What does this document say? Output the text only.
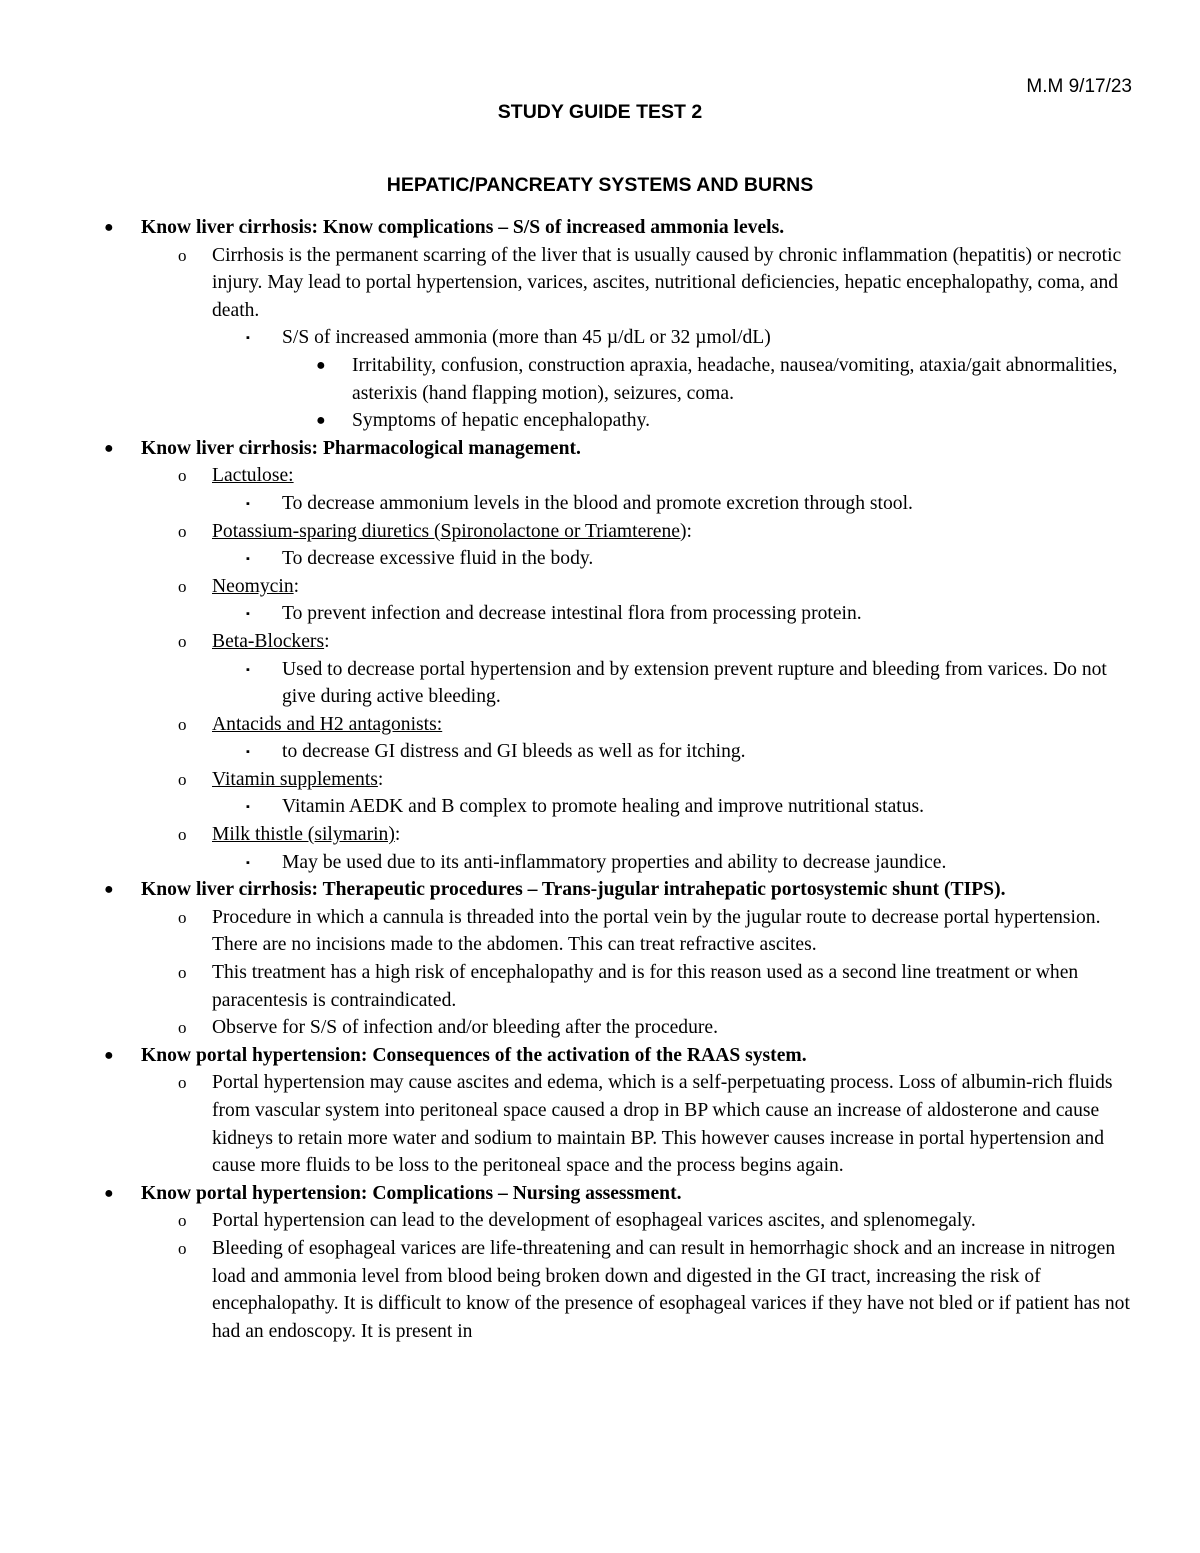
M.M 9/17/23
STUDY GUIDE TEST 2
HEPATIC/PANCREATY SYSTEMS AND BURNS
● Know liver cirrhosis: Know complications – S/S of increased ammonia levels.
o Cirrhosis is the permanent scarring of the liver that is usually caused by chronic inflammation (hepatitis) or necrotic injury. May lead to portal hypertension, varices, ascites, nutritional deficiencies, hepatic encephalopathy, coma, and death.
▪ S/S of increased ammonia (more than 45 µ/dL or 32 µmol/dL)
● Irritability, confusion, construction apraxia, headache, nausea/vomiting, ataxia/gait abnormalities, asterixis (hand flapping motion), seizures, coma.
● Symptoms of hepatic encephalopathy.
● Know liver cirrhosis: Pharmacological management.
o Lactulose:
▪ To decrease ammonium levels in the blood and promote excretion through stool.
o Potassium-sparing diuretics (Spironolactone or Triamterene):
▪ To decrease excessive fluid in the body.
o Neomycin:
▪ To prevent infection and decrease intestinal flora from processing protein.
o Beta-Blockers:
▪ Used to decrease portal hypertension and by extension prevent rupture and bleeding from varices. Do not give during active bleeding.
o Antacids and H2 antagonists:
▪ to decrease GI distress and GI bleeds as well as for itching.
o Vitamin supplements:
▪ Vitamin AEDK and B complex to promote healing and improve nutritional status.
o Milk thistle (silymarin):
▪ May be used due to its anti-inflammatory properties and ability to decrease jaundice.
● Know liver cirrhosis: Therapeutic procedures – Trans-jugular intrahepatic portosystemic shunt (TIPS).
o Procedure in which a cannula is threaded into the portal vein by the jugular route to decrease portal hypertension. There are no incisions made to the abdomen. This can treat refractive ascites.
o This treatment has a high risk of encephalopathy and is for this reason used as a second line treatment or when paracentesis is contraindicated.
o Observe for S/S of infection and/or bleeding after the procedure.
● Know portal hypertension: Consequences of the activation of the RAAS system.
o Portal hypertension may cause ascites and edema, which is a self-perpetuating process. Loss of albumin-rich fluids from vascular system into peritoneal space caused a drop in BP which cause an increase of aldosterone and cause kidneys to retain more water and sodium to maintain BP. This however causes increase in portal hypertension and cause more fluids to be loss to the peritoneal space and the process begins again.
● Know portal hypertension: Complications – Nursing assessment.
o Portal hypertension can lead to the development of esophageal varices ascites, and splenomegaly.
o Bleeding of esophageal varices are life-threatening and can result in hemorrhagic shock and an increase in nitrogen load and ammonia level from blood being broken down and digested in the GI tract, increasing the risk of encephalopathy. It is difficult to know of the presence of esophageal varices if they have not bled or if patient has not had an endoscopy. It is present in
